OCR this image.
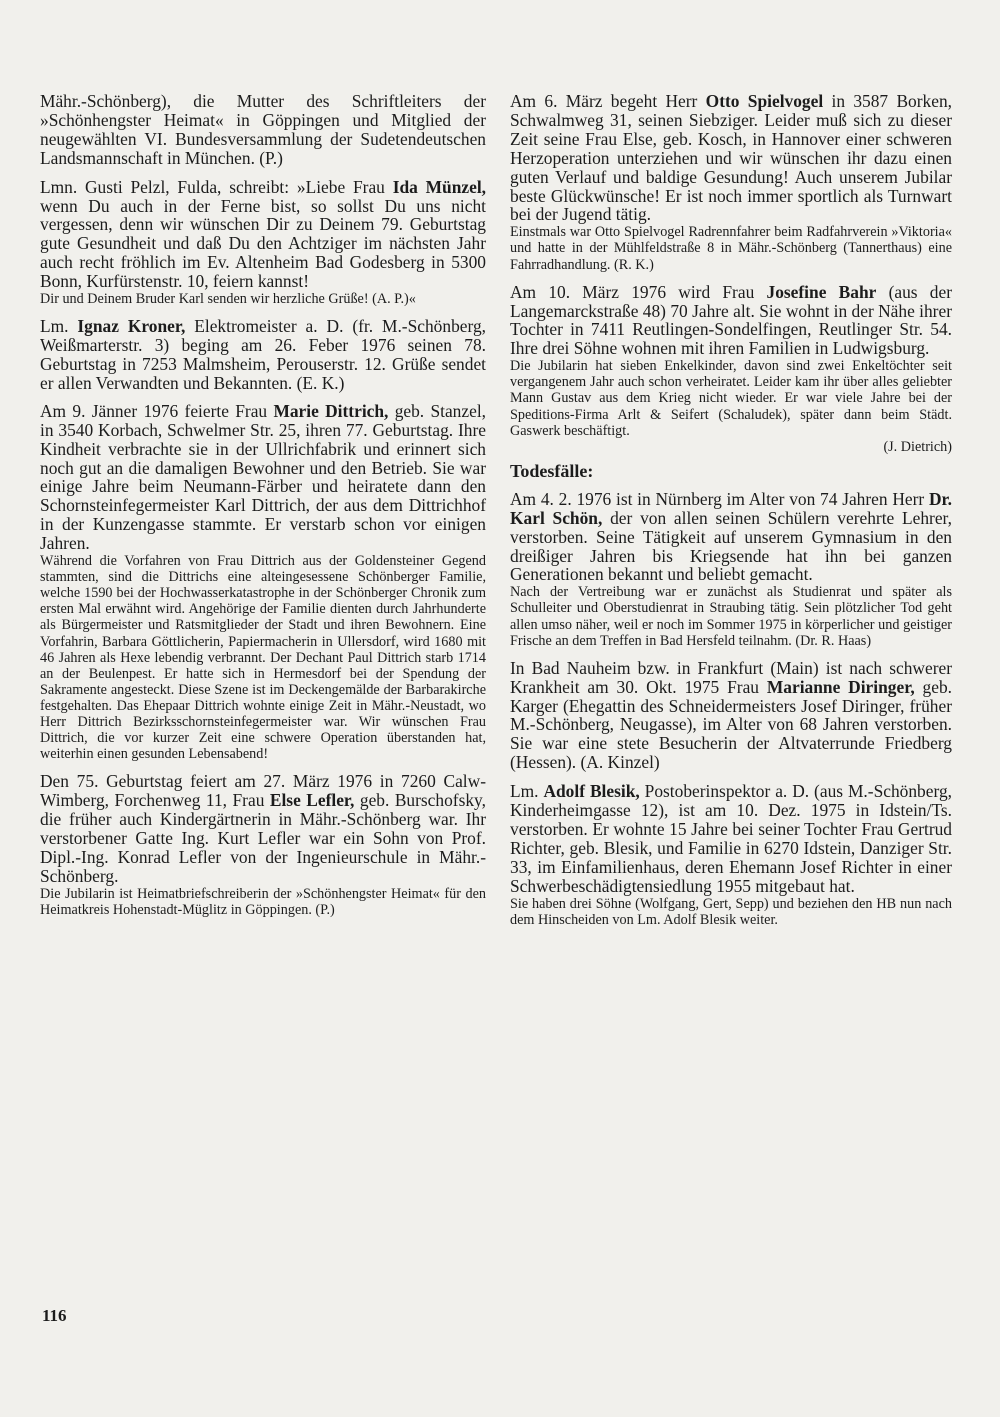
Mähr.-Schönberg), die Mutter des Schriftleiters der »Schönhengster Heimat« in Göppingen und Mitglied der neugewählten VI. Bundesversammlung der Sudetendeutschen Landsmannschaft in München. (P.)

Lmn. Gusti Pelzl, Fulda, schreibt: »Liebe Frau Ida Münzel, wenn Du auch in der Ferne bist, so sollst Du uns nicht vergessen, denn wir wünschen Dir zu Deinem 79. Geburtstag gute Gesundheit und daß Du den Achtziger im nächsten Jahr auch recht fröhlich im Ev. Altenheim Bad Godesberg in 5300 Bonn, Kurfürstenstr. 10, feiern kannst!

Dir und Deinem Bruder Karl senden wir herzliche Grüße! (A. P.)«

Lm. Ignaz Kroner, Elektromeister a. D. (fr. M.-Schönberg, Weißmarterstr. 3) beging am 26. Feber 1976 seinen 78. Geburtstag in 7253 Malmsheim, Perouserstr. 12. Grüße sendet er allen Verwandten und Bekannten. (E. K.)

Am 9. Jänner 1976 feierte Frau Marie Dittrich, geb. Stanzel, in 3540 Korbach, Schwelmer Str. 25, ihren 77. Geburtstag. Ihre Kindheit verbrachte sie in der Ullrichfabrik und erinnert sich noch gut an die damaligen Bewohner und den Betrieb. Sie war einige Jahre beim Neumann-Färber und heiratete dann den Schornsteinfegermeister Karl Dittrich, der aus dem Dittrichhof in der Kunzengasse stammte. Er verstarb schon vor einigen Jahren.

Während die Vorfahren von Frau Dittrich aus der Goldensteiner Gegend stammten, sind die Dittrichs eine alteingesessene Schönberger Familie, welche 1590 bei der Hochwasserkatastrophe in der Schönberger Chronik zum ersten Mal erwähnt wird. Angehörige der Familie dienten durch Jahrhunderte als Bürgermeister und Ratsmitglieder der Stadt und ihren Bewohnern. Eine Vorfahrin, Barbara Göttlicherin, Papiermacherin in Ullersdorf, wird 1680 mit 46 Jahren als Hexe lebendig verbrannt. Der Dechant Paul Dittrich starb 1714 an der Beulenpest. Er hatte sich in Hermesdorf bei der Spendung der Sakramente angesteckt. Diese Szene ist im Deckengemälde der Barbarakirche festgehalten. Das Ehepaar Dittrich wohnte einige Zeit in Mähr.-Neustadt, wo Herr Dittrich Bezirksschornsteinfegermeister war. Wir wünschen Frau Dittrich, die vor kurzer Zeit eine schwere Operation überstanden hat, weiterhin einen gesunden Lebensabend!

Den 75. Geburtstag feiert am 27. März 1976 in 7260 Calw-Wimberg, Forchenweg 11, Frau Else Lefler, geb. Burschofsky, die früher auch Kindergärtnerin in Mähr.-Schönberg war. Ihr verstorbener Gatte Ing. Kurt Lefler war ein Sohn von Prof. Dipl.-Ing. Konrad Lefler von der Ingenieurschule in Mähr.-Schönberg.

Die Jubilarin ist Heimatbriefschreiberin der »Schönhengster Heimat« für den Heimatkreis Hohenstadt-Müglitz in Göppingen. (P.)

Am 6. März begeht Herr Otto Spielvogel in 3587 Borken, Schwalmweg 31, seinen Siebziger. Leider muß sich zu dieser Zeit seine Frau Else, geb. Kosch, in Hannover einer schweren Herzoperation unterziehen und wir wünschen ihr dazu einen guten Verlauf und baldige Gesundung! Auch unserem Jubilar beste Glückwünsche! Er ist noch immer sportlich als Turnwart bei der Jugend tätig.

Einstmals war Otto Spielvogel Radrennfahrer beim Radfahrverein »Viktoria« und hatte in der Mühlfeldstraße 8 in Mähr.-Schönberg (Tannerthaus) eine Fahrradhandlung. (R. K.)

Am 10. März 1976 wird Frau Josefine Bahr (aus der Langemarckstraße 48) 70 Jahre alt. Sie wohnt in der Nähe ihrer Tochter in 7411 Reutlingen-Sondelfingen, Reutlinger Str. 54. Ihre drei Söhne wohnen mit ihren Familien in Ludwigsburg.

Die Jubilarin hat sieben Enkelkinder, davon sind zwei Enkeltöchter seit vergangenem Jahr auch schon verheiratet. Leider kam ihr über alles geliebter Mann Gustav aus dem Krieg nicht wieder. Er war viele Jahre bei der Speditions-Firma Arlt & Seifert (Schaludek), später dann beim Städt. Gaswerk beschäftigt.

(J. Dietrich)

Todesfälle:

Am 4. 2. 1976 ist in Nürnberg im Alter von 74 Jahren Herr Dr. Karl Schön, der von allen seinen Schülern verehrte Lehrer, verstorben. Seine Tätigkeit auf unserem Gymnasium in den dreißiger Jahren bis Kriegsende hat ihn bei ganzen Generationen bekannt und beliebt gemacht.

Nach der Vertreibung war er zunächst als Studienrat und später als Schulleiter und Oberstudienrat in Straubing tätig. Sein plötzlicher Tod geht allen umso näher, weil er noch im Sommer 1975 in körperlicher und geistiger Frische an dem Treffen in Bad Hersfeld teilnahm. (Dr. R. Haas)

In Bad Nauheim bzw. in Frankfurt (Main) ist nach schwerer Krankheit am 30. Okt. 1975 Frau Marianne Diringer, geb. Karger (Ehegattin des Schneidermeisters Josef Diringer, früher M.-Schönberg, Neugasse), im Alter von 68 Jahren verstorben. Sie war eine stete Besucherin der Altvaterrunde Friedberg (Hessen). (A. Kinzel)

Lm. Adolf Blesik, Postoberinspektor a. D. (aus M.-Schönberg, Kinderheimgasse 12), ist am 10. Dez. 1975 in Idstein/Ts. verstorben. Er wohnte 15 Jahre bei seiner Tochter Frau Gertrud Richter, geb. Blesik, und Familie in 6270 Idstein, Danziger Str. 33, im Einfamilienhaus, deren Ehemann Josef Richter in einer Schwerbeschädigtensiedlung 1955 mitgebaut hat.

Sie haben drei Söhne (Wolfgang, Gert, Sepp) und beziehen den HB nun nach dem Hinscheiden von Lm. Adolf Blesik weiter.

116
